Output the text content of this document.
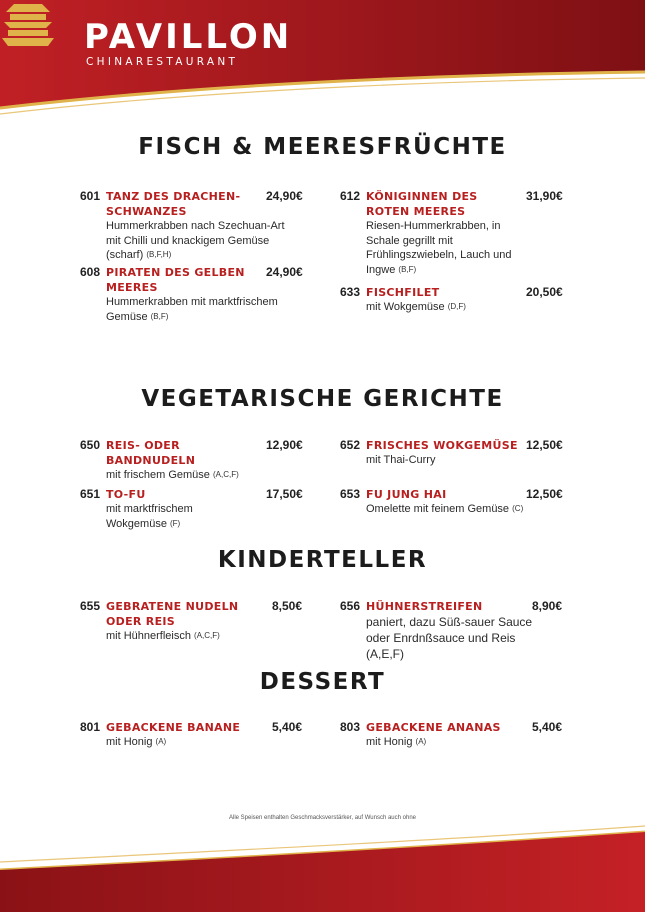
PAVILLON
CHINARESTAURANT
FISCH & MEERESFRÜCHTE
601 TANZ DES DRACHEN- SCHWANZES
24,90€
Hummerkrabben nach Szechuan-Art mit Chilli und knackigem Gemüse (scharf) (B,F,H)
608 PIRATEN DES GELBEN MEERES
24,90€
Hummerkrabben mit marktfrischem Gemüse (B,F)
612 KÖNIGINNEN DES ROTEN MEERES
31,90€
Riesen-Hummerkrabben, in Schale gegrillt mit Frühlingszwiebeln, Lauch und Ingwe (B,F)
633 FISCHFILET	20,50€
mit Wokgemüse (D,F)
VEGETARISCHE GERICHTE
650 REIS- ODER BANDNUDELN
12,90€
mit frischem Gemüse (A,C,F)
651 TO-FU	17,50€
mit marktfrischem Wokgemüse (F)
652 FRISCHES WOKGEMÜSE 12,50€
mit Thai-Curry
653 FU JUNG HAI	12,50€
Omelette mit feinem Gemüse (C)
KINDERTELLER
655 GEBRATENE NUDELN ODER REIS
8,50€
mit Hühnerfleisch (A,C,F)
656 HÜHNERSTREIFEN	8,90€
paniert, dazu Süß-sauer Sauce oder Enrdnßsauce und Reis (A,E,F)
DESSERT
801 GEBACKENE BANANE	5,40€
mit Honig (A)
803 GEBACKENE ANANAS	5,40€
mit Honig (A)
Alle Speisen enthalten Geschmacksverstärker, auf Wunsch auch ohne
